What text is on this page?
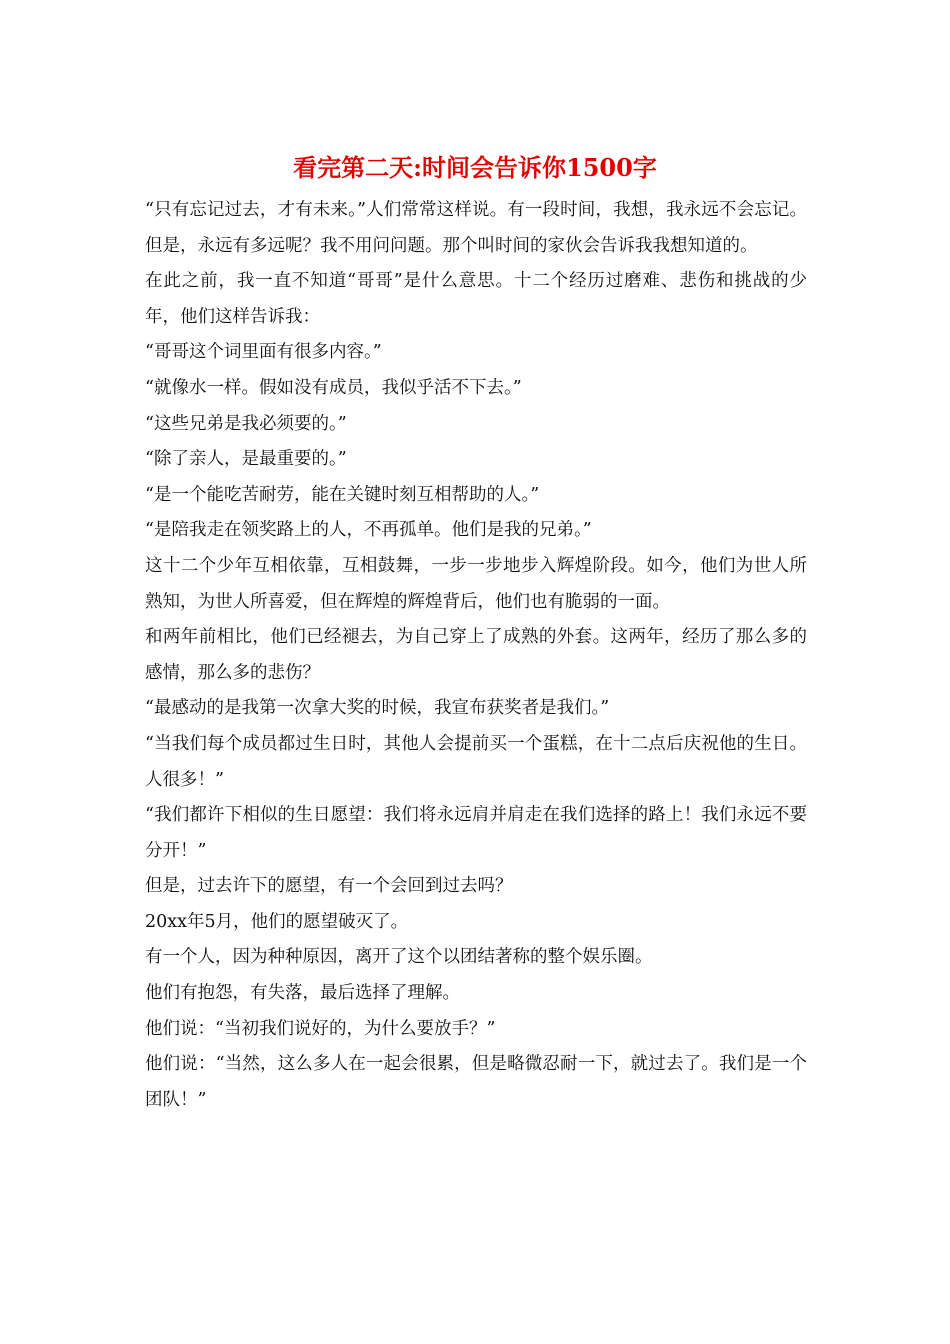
看完第二天:时间会告诉你1500字

“只有忘记过去，才有未来。”人们常常这样说。有一段时间，我想，我永远不会忘记。但是，永远有多远呢？我不用问问题。那个叫时间的家伙会告诉我我想知道的。

在此之前，我一直不知道“哥哥”是什么意思。十二个经历过磨难、悲伤和挑战的少年，他们这样告诉我：

“哥哥这个词里面有很多内容。”

“就像水一样。假如没有成员，我似乎活不下去。”

“这些兄弟是我必须要的。”

“除了亲人，是最重要的。”

“是一个能吃苦耐劳，能在关键时刻互相帮助的人。”

“是陪我走在领奖路上的人，不再孤单。他们是我的兄弟。”

这十二个少年互相依靠，互相鼓舞，一步一步地步入辉煌阶段。如今，他们为世人所熟知，为世人所喜爱，但在辉煌的辉煌背后，他们也有脆弱的一面。

和两年前相比，他们已经褪去，为自己穿上了成熟的外套。这两年，经历了那么多的感情，那么多的悲伤？

“最感动的是我第一次拿大奖的时候，我宣布获奖者是我们。”

“当我们每个成员都过生日时，其他人会提前买一个蛋糕，在十二点后庆祝他的生日。人很多！”

“我们都许下相似的生日愿望：我们将永远肩并肩走在我们选择的路上！我们永远不要分开！”

但是，过去许下的愿望，有一个会回到过去吗？

20xx年5月，他们的愿望破灭了。

有一个人，因为种种原因，离开了这个以团结著称的整个娱乐圈。

他们有抱怨，有失落，最后选择了理解。

他们说：“当初我们说好的，为什么要放手？”

他们说：“当然，这么多人在一起会很累，但是略微忍耐一下，就过去了。我们是一个团队！”
